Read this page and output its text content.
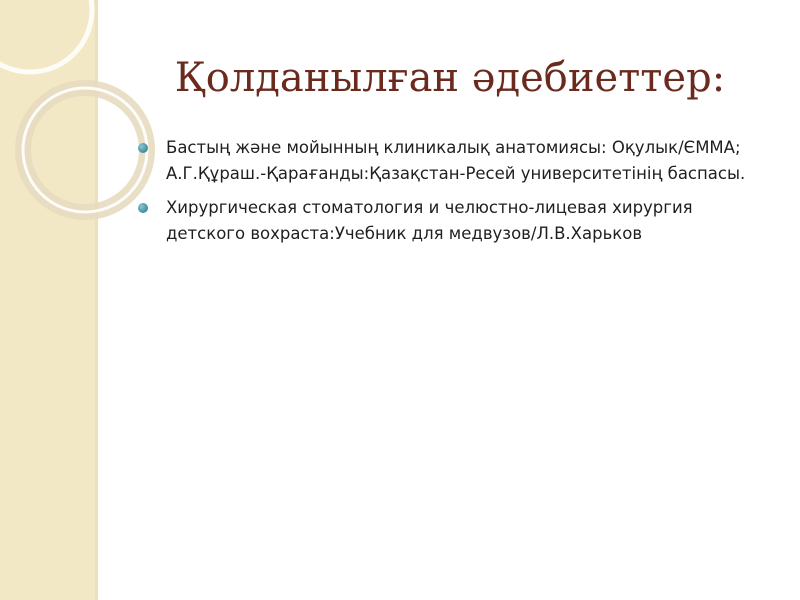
Қолданылған әдебиеттер:
Бастың және мойынның клиникалық анатомиясы: Оқулык/ЄММА; А.Г.Құраш.-Қарағанды:Қазақстан-Ресей университетінің баспасы.
Хирургическая стоматология и челюстно-лицевая хирургия детского вохраста:Учебник для медвузов/Л.В.Харьков
